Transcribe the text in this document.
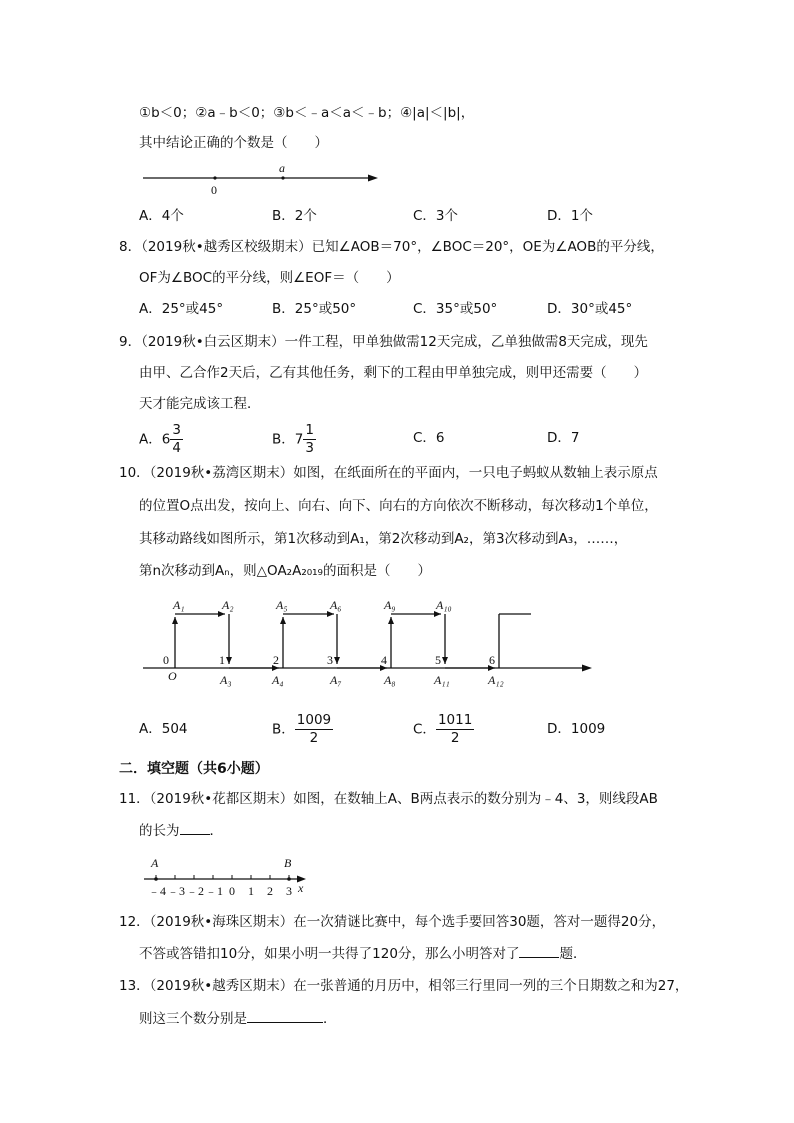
①b＜0；②a﹣b＜0；③b＜﹣a＜a＜﹣b；④|a|＜|b|，
其中结论正确的个数是（　　）
0
a
A．4个	B．2个	C．3个	D．1个
8．（2019秋•越秀区校级期末）已知∠AOB＝70°，∠BOC＝20°，OE为∠AOB的平分线，
OF为∠BOC的平分线，则∠EOF＝（　　）
A．25°或45°	B．25°或50°	C．35°或50°	D．30°或45°
9．（2019秋•白云区期末）一件工程，甲单独做需12天完成，乙单独做需8天完成，现先
由甲、乙合作2天后，乙有其他任务，剩下的工程由甲单独完成，则甲还需要（　　）
天才能完成该工程．
A．$6 \frac{3}{4}$	B．$7 \frac{1}{3}$	C．6	D．7
10．（2019秋•荔湾区期末）如图，在纸面所在的平面内，一只电子蚂蚁从数轴上表示原点
的位置O点出发，按向上、向右、向下、向右的方向依次不断移动，每次移动1个单位，
其移动路线如图所示，第1次移动到A₁，第2次移动到A₂，第3次移动到A₃，……，
第n次移动到Aₙ，则△OA₂A₂₀₁₉的面积是（　　）
0	1	2	3	4	5	6
O
A₁	A₂	A₅	A₆	A₉	A₁₀
A₃	A₄	A₇	A₈	A₁₁	A₁₂
A．504	B． $\frac{1009}{2}$	C． $\frac{1011}{2}$	D．1009
二．填空题（共6小题）
11．（2019秋•花都区期末）如图，在数轴上A、B两点表示的数分别为﹣4、3，则线段AB
的长为 ．
A	B
﹣4 ﹣3 ﹣2 ﹣1 0 1 2 3 x
12．（2019秋•海珠区期末）在一次猜谜比赛中，每个选手要回答30题，答对一题得20分，
不答或答错扣10分，如果小明一共得了120分，那么小明答对了	题．
13．（2019秋•越秀区期末）在一张普通的月历中，相邻三行里同一列的三个日期数之和为27，
则这三个数分别是	．
